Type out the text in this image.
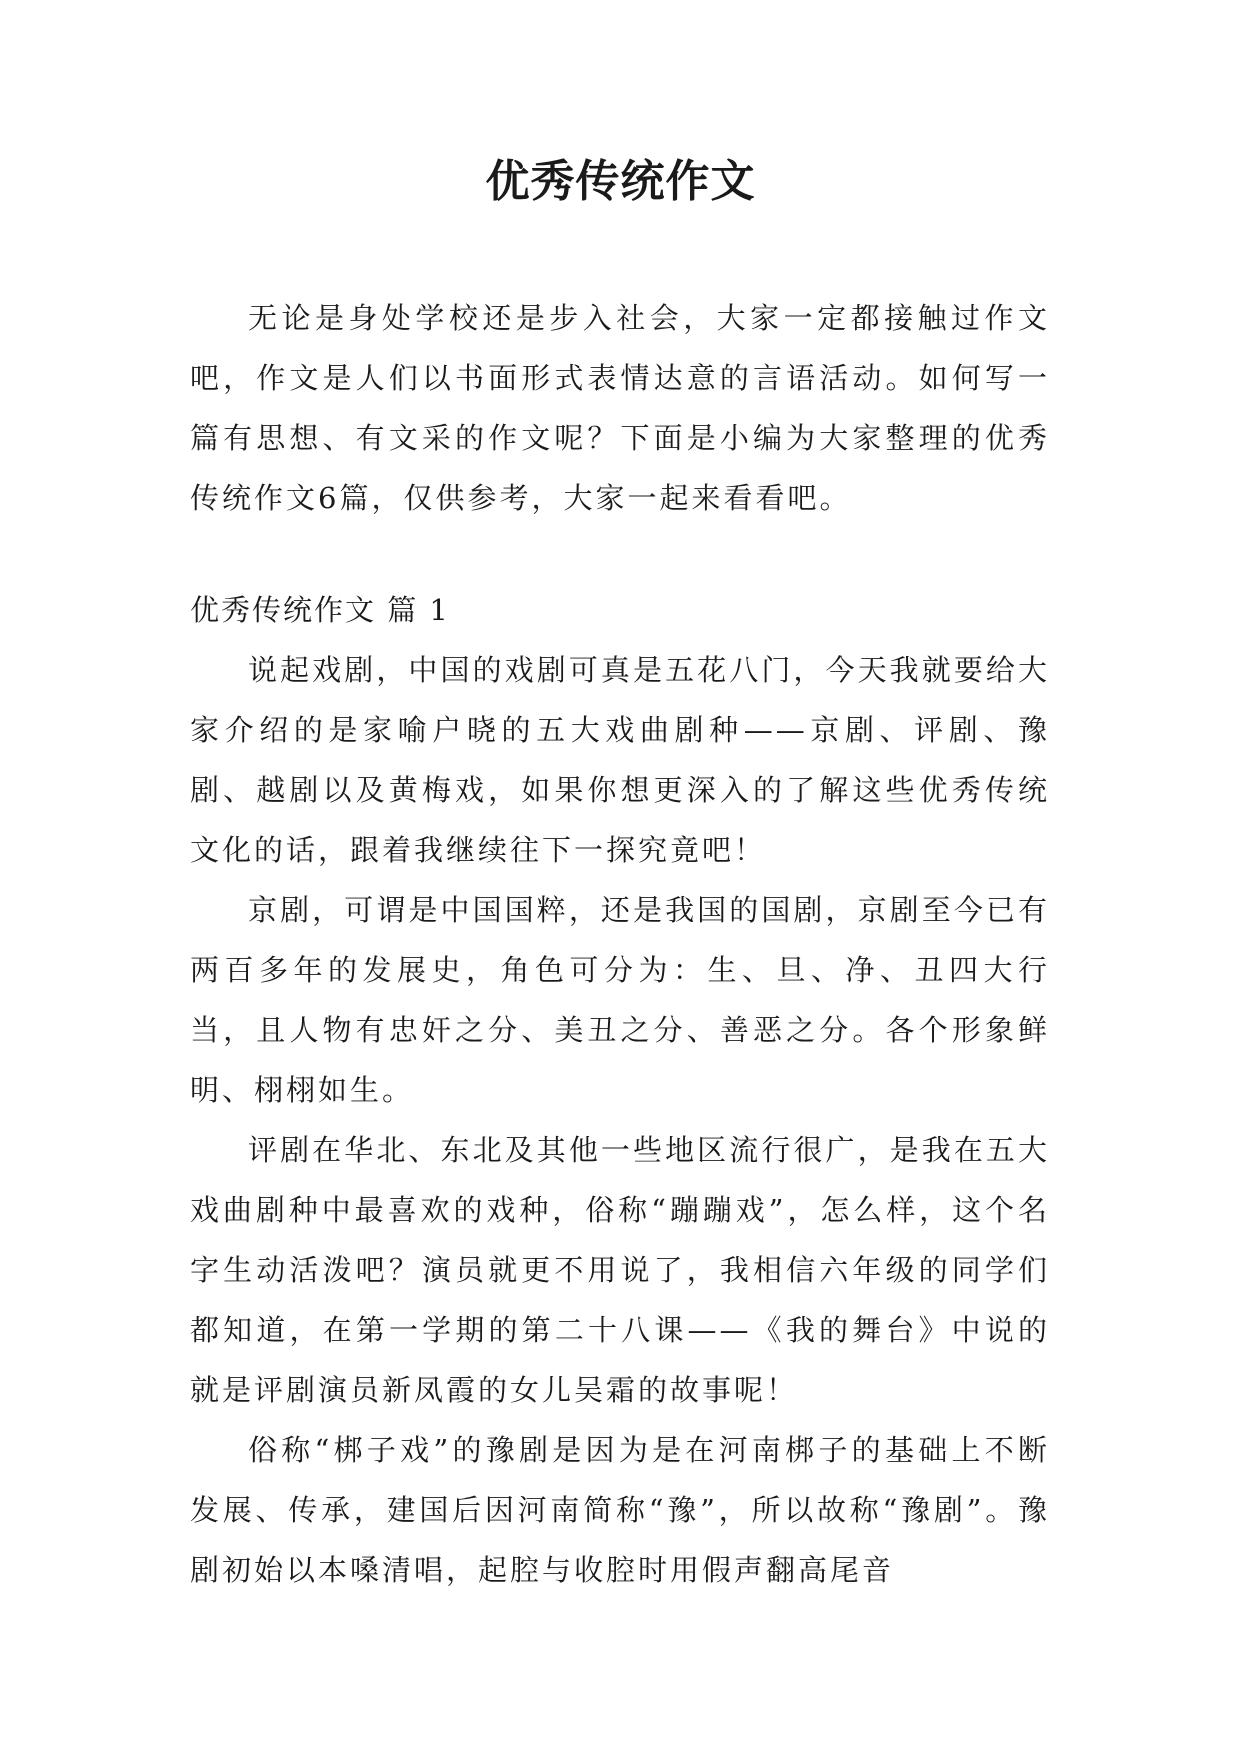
优秀传统作文

无论是身处学校还是步入社会，大家一定都接触过作文吧，作文是人们以书面形式表情达意的言语活动。如何写一篇有思想、有文采的作文呢？下面是小编为大家整理的优秀传统作文6篇，仅供参考，大家一起来看看吧。

优秀传统作文 篇 1

说起戏剧，中国的戏剧可真是五花八门，今天我就要给大家介绍的是家喻户晓的五大戏曲剧种——京剧、评剧、豫剧、越剧以及黄梅戏，如果你想更深入的了解这些优秀传统文化的话，跟着我继续往下一探究竟吧！

京剧，可谓是中国国粹，还是我国的国剧，京剧至今已有两百多年的发展史，角色可分为：生、旦、净、丑四大行当，且人物有忠奸之分、美丑之分、善恶之分。各个形象鲜明、栩栩如生。

评剧在华北、东北及其他一些地区流行很广，是我在五大戏曲剧种中最喜欢的戏种，俗称“蹦蹦戏”，怎么样，这个名字生动活泼吧？演员就更不用说了，我相信六年级的同学们都知道，在第一学期的第二十八课——《我的舞台》中说的就是评剧演员新凤霞的女儿吴霜的故事呢！

俗称“梆子戏”的豫剧是因为是在河南梆子的基础上不断发展、传承，建国后因河南简称“豫”，所以故称“豫剧”。豫剧初始以本嗓清唱，起腔与收腔时用假声翻高尾音
